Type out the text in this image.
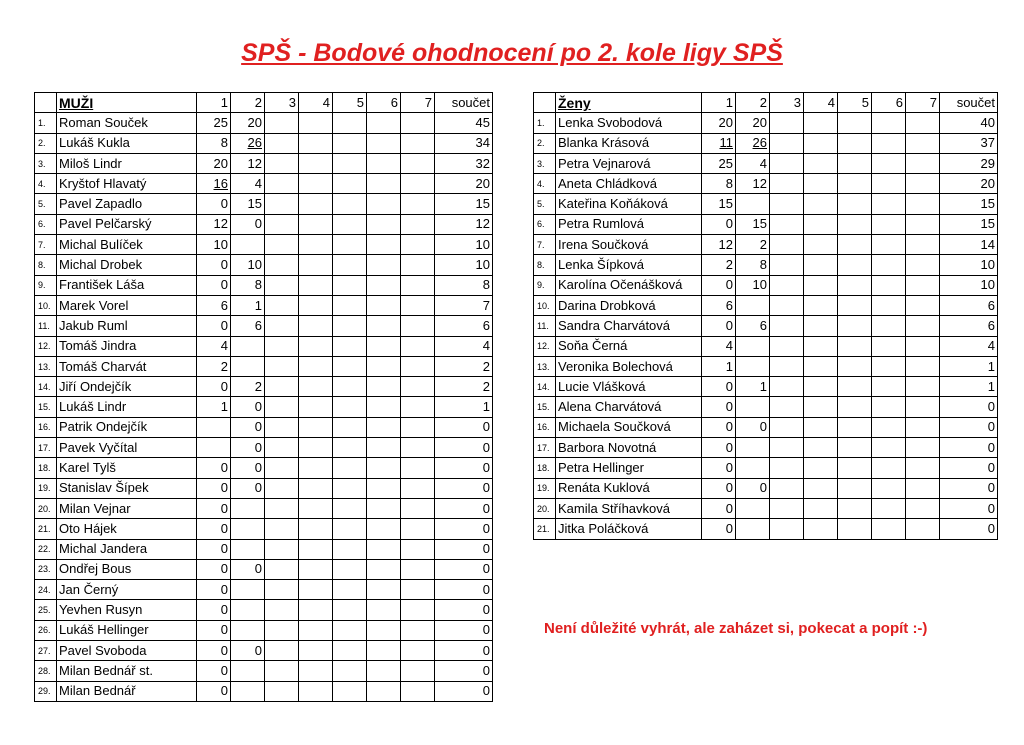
SPŠ - Bodové ohodnocení po 2. kole ligy SPŠ
	MUŽI	1	2	3	4	5	6	7	součet
1.	Roman Souček	25	20						45
2.	Lukáš Kukla	8	26						34
3.	Miloš Lindr	20	12						32
4.	Kryštof Hlavatý	16	4						20
5.	Pavel Zapadlo	0	15						15
6.	Pavel Pelčarský	12	0						12
7.	Michal Bulíček	10							10
8.	Michal Drobek	0	10						10
9.	František Láša	0	8						8
10.	Marek Vorel	6	1						7
11.	Jakub Ruml	0	6						6
12.	Tomáš Jindra	4							4
13.	Tomáš Charvát	2							2
14.	Jiří Ondejčík	0	2						2
15.	Lukáš Lindr	1	0						1
16.	Patrik Ondejčík		0						0
17.	Pavek Vyčítal		0						0
18.	Karel Tylš	0	0						0
19.	Stanislav Šípek	0	0						0
20.	Milan Vejnar	0							0
21.	Oto Hájek	0							0
22.	Michal Jandera	0							0
23.	Ondřej Bous	0	0						0
24.	Jan Černý	0							0
25.	Yevhen Rusyn	0							0
26.	Lukáš Hellinger	0							0
27.	Pavel Svoboda	0	0						0
28.	Milan Bednář st.	0							0
29.	Milan Bednář	0							0
	Ženy	1	2	3	4	5	6	7	součet
1.	Lenka Svobodová	20	20						40
2.	Blanka Krásová	11	26						37
3.	Petra Vejnarová	25	4						29
4.	Aneta Chládková	8	12						20
5.	Kateřina Koňáková	15							15
6.	Petra Rumlová	0	15						15
7.	Irena Součková	12	2						14
8.	Lenka Šípková	2	8						10
9.	Karolína Očenášková	0	10						10
10.	Darina Drobková	6							6
11.	Sandra Charvátová	0	6						6
12.	Soňa Černá	4							4
13.	Veronika Bolechová	1							1
14.	Lucie Vlášková	0	1						1
15.	Alena Charvátová	0							0
16.	Michaela Součková	0	0						0
17.	Barbora Novotná	0							0
18.	Petra Hellinger	0							0
19.	Renáta Kuklová	0	0						0
20.	Kamila Stříhavková	0							0
21.	Jitka Poláčková	0							0
Není důležité vyhrát, ale zaházet si, pokecat a popít :-)
